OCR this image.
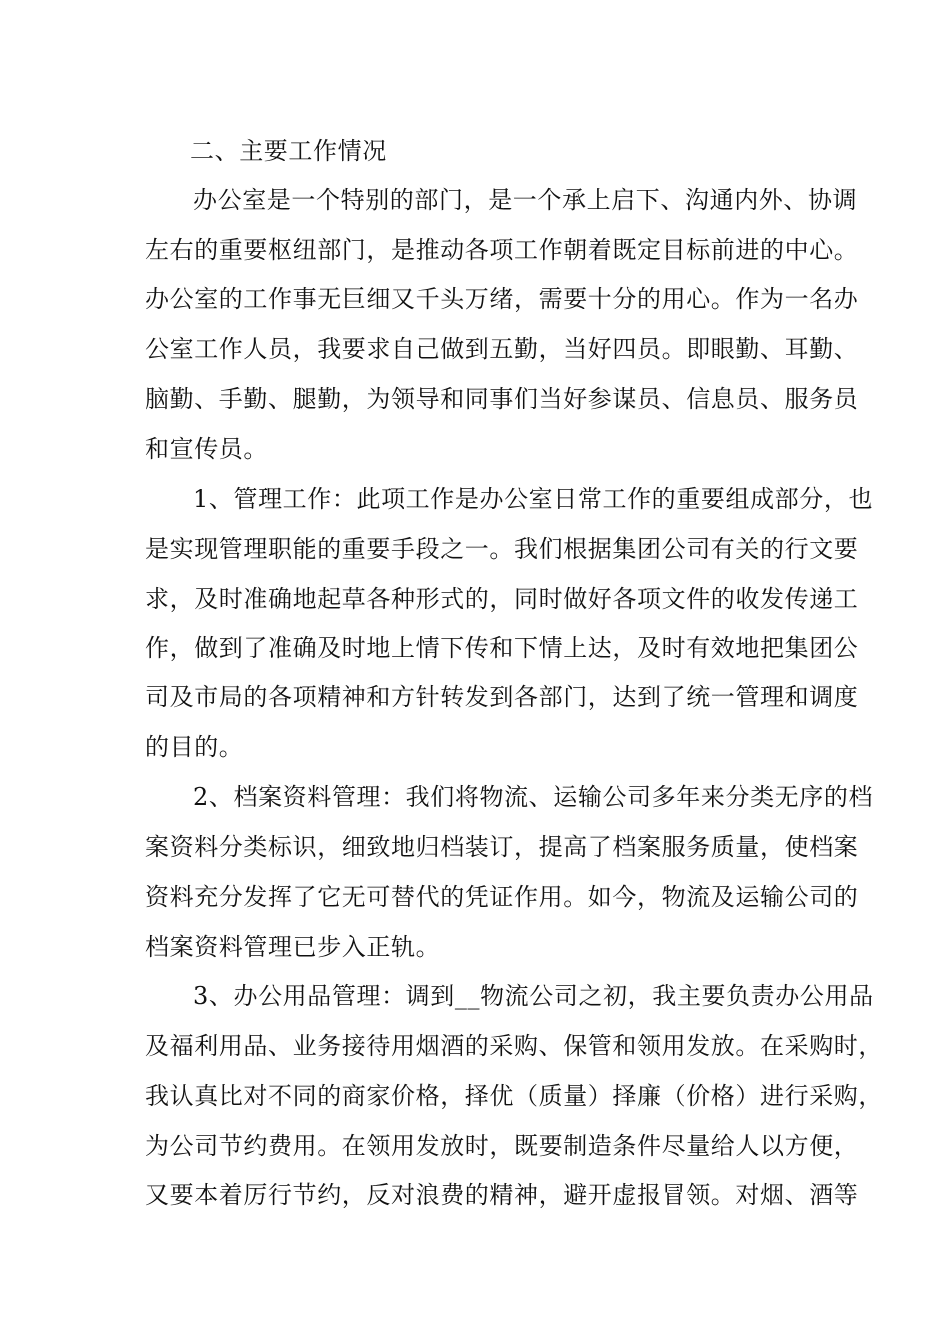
二、主要工作情况
办公室是一个特别的部门，是一个承上启下、沟通内外、协调
左右的重要枢纽部门，是推动各项工作朝着既定目标前进的中心。
办公室的工作事无巨细又千头万绪，需要十分的用心。作为一名办
公室工作人员，我要求自己做到五勤，当好四员。即眼勤、耳勤、
脑勤、手勤、腿勤，为领导和同事们当好参谋员、信息员、服务员
和宣传员。
1、管理工作：此项工作是办公室日常工作的重要组成部分，也
是实现管理职能的重要手段之一。我们根据集团公司有关的行文要
求，及时准确地起草各种形式的，同时做好各项文件的收发传递工
作，做到了准确及时地上情下传和下情上达，及时有效地把集团公
司及市局的各项精神和方针转发到各部门，达到了统一管理和调度
的目的。
2、档案资料管理：我们将物流、运输公司多年来分类无序的档
案资料分类标识，细致地归档装订，提高了档案服务质量，使档案
资料充分发挥了它无可替代的凭证作用。如今，物流及运输公司的
档案资料管理已步入正轨。
3、办公用品管理：调到__物流公司之初，我主要负责办公用品
及福利用品、业务接待用烟酒的采购、保管和领用发放。在采购时，
我认真比对不同的商家价格，择优（质量）择廉（价格）进行采购，
为公司节约费用。在领用发放时，既要制造条件尽量给人以方便，
又要本着厉行节约，反对浪费的精神，避开虚报冒领。对烟、酒等
